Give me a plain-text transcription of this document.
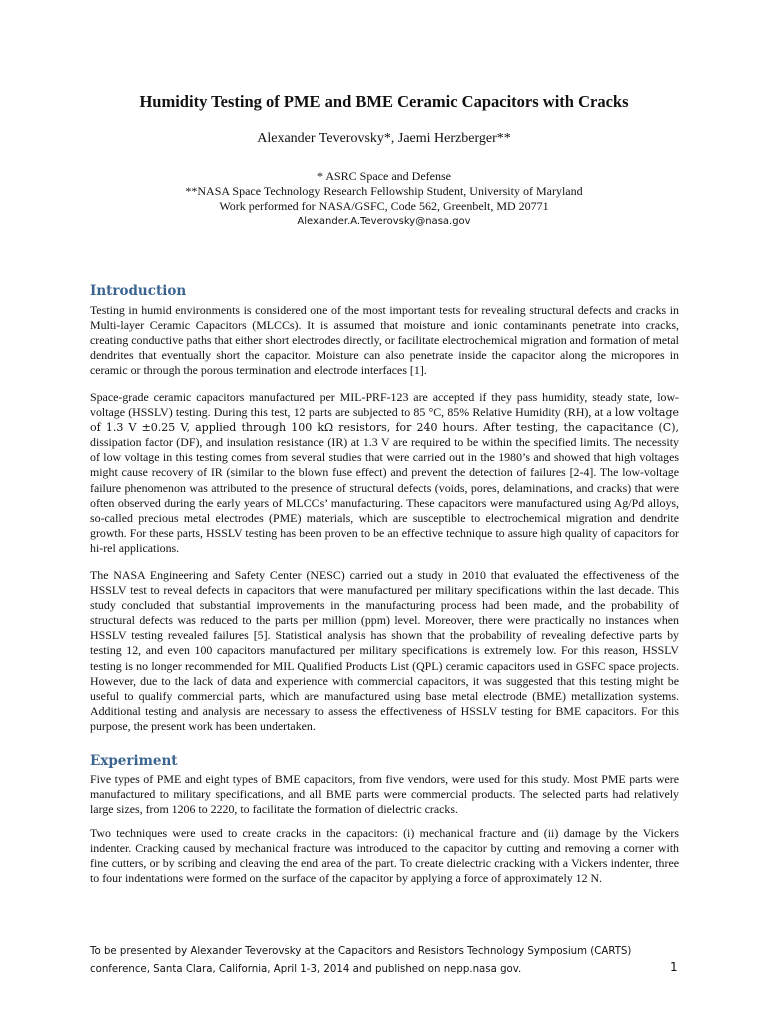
Humidity Testing of PME and BME Ceramic Capacitors with Cracks
Alexander Teverovsky*, Jaemi Herzberger**
* ASRC Space and Defense
**NASA Space Technology Research Fellowship Student, University of Maryland
Work performed for NASA/GSFC, Code 562, Greenbelt, MD 20771
Alexander.A.Teverovsky@nasa.gov
Introduction

Testing in humid environments is considered one of the most important tests for revealing structural defects and cracks in Multi-layer Ceramic Capacitors (MLCCs). It is assumed that moisture and ionic contaminants penetrate into cracks, creating conductive paths that either short electrodes directly, or facilitate electrochemical migration and formation of metal dendrites that eventually short the capacitor. Moisture can also penetrate inside the capacitor along the micropores in ceramic or through the porous termination and electrode interfaces [1].

Space-grade ceramic capacitors manufactured per MIL-PRF-123 are accepted if they pass humidity, steady state, low-voltage (HSSLV) testing. During this test, 12 parts are subjected to 85 °C, 85% Relative Humidity (RH), at a low voltage of 1.3 V ±0.25 V, applied through 100 kΩ resistors, for 240 hours. After testing, the capacitance (C), dissipation factor (DF), and insulation resistance (IR) at 1.3 V are required to be within the specified limits. The necessity of low voltage in this testing comes from several studies that were carried out in the 1980’s and showed that high voltages might cause recovery of IR (similar to the blown fuse effect) and prevent the detection of failures [2-4]. The low-voltage failure phenomenon was attributed to the presence of structural defects (voids, pores, delaminations, and cracks) that were often observed during the early years of MLCCs’ manufacturing. These capacitors were manufactured using Ag/Pd alloys, so-called precious metal electrodes (PME) materials, which are susceptible to electrochemical migration and dendrite growth. For these parts, HSSLV testing has been proven to be an effective technique to assure high quality of capacitors for hi-rel applications.

The NASA Engineering and Safety Center (NESC) carried out a study in 2010 that evaluated the effectiveness of the HSSLV test to reveal defects in capacitors that were manufactured per military specifications within the last decade. This study concluded that substantial improvements in the manufacturing process had been made, and the probability of structural defects was reduced to the parts per million (ppm) level. Moreover, there were practically no instances when HSSLV testing revealed failures [5]. Statistical analysis has shown that the probability of revealing defective parts by testing 12, and even 100 capacitors manufactured per military specifications is extremely low. For this reason, HSSLV testing is no longer recommended for MIL Qualified Products List (QPL) ceramic capacitors used in GSFC space projects. However, due to the lack of data and experience with commercial capacitors, it was suggested that this testing might be useful to qualify commercial parts, which are manufactured using base metal electrode (BME) metallization systems. Additional testing and analysis are necessary to assess the effectiveness of HSSLV testing for BME capacitors. For this purpose, the present work has been undertaken.

Experiment

Five types of PME and eight types of BME capacitors, from five vendors, were used for this study. Most PME parts were manufactured to military specifications, and all BME parts were commercial products. The selected parts had relatively large sizes, from 1206 to 2220, to facilitate the formation of dielectric cracks.

Two techniques were used to create cracks in the capacitors: (i) mechanical fracture and (ii) damage by the Vickers indenter. Cracking caused by mechanical fracture was introduced to the capacitor by cutting and removing a corner with fine cutters, or by scribing and cleaving the end area of the part. To create dielectric cracking with a Vickers indenter, three to four indentations were formed on the surface of the capacitor by applying a force of approximately 12 N.

To be presented by Alexander Teverovsky at the Capacitors and Resistors Technology Symposium (CARTS)
conference, Santa Clara, California, April 1-3, 2014 and published on nepp.nasa gov.	1
